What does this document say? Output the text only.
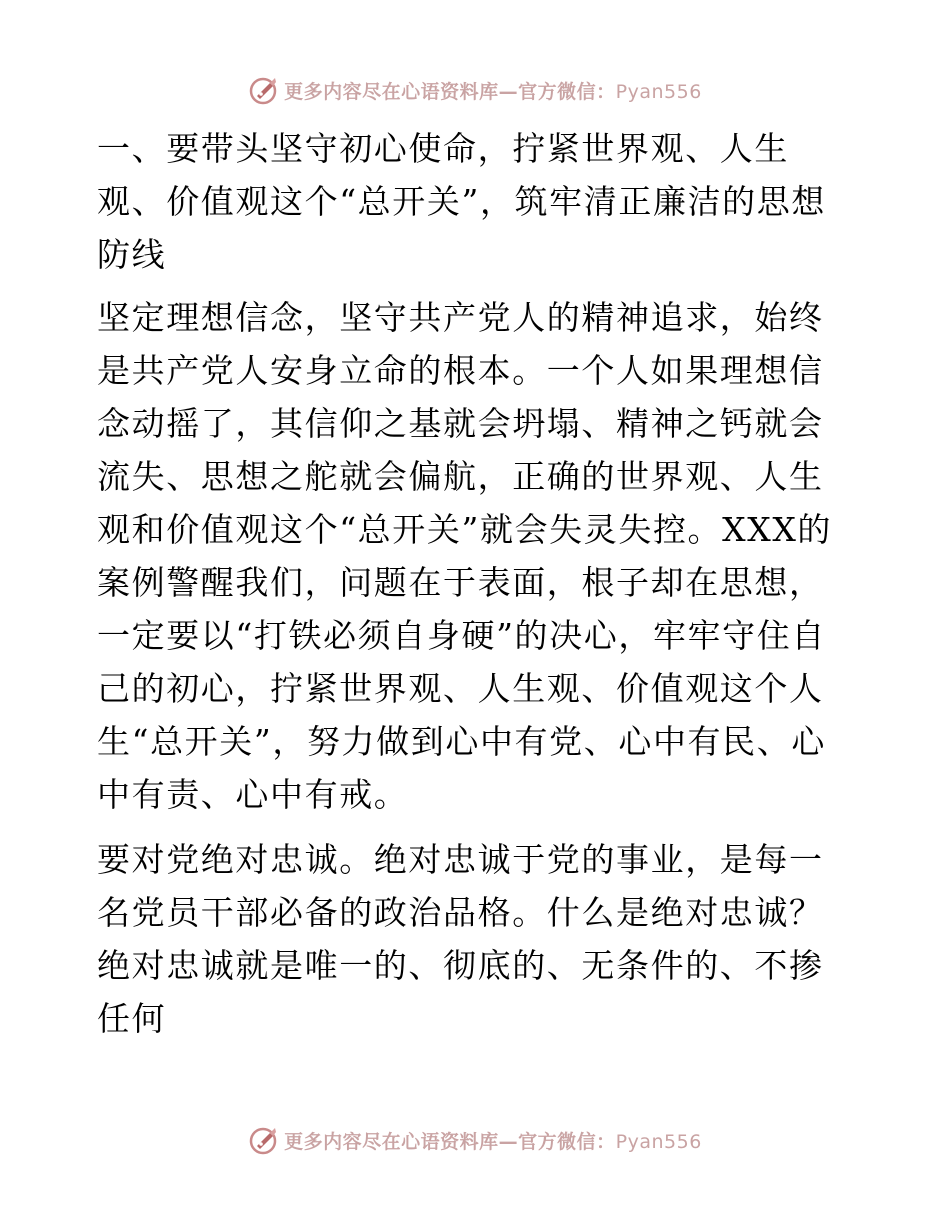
更多内容尽在心语资料库—官方微信：Pyan556

一、要带头坚守初心使命，拧紧世界观、人生观、价值观这个“总开关”，筑牢清正廉洁的思想防线

坚定理想信念，坚守共产党人的精神追求，始终是共产党人安身立命的根本。一个人如果理想信念动摇了，其信仰之基就会坍塌、精神之钙就会流失、思想之舵就会偏航，正确的世界观、人生观和价值观这个“总开关”就会失灵失控。XXX的案例警醒我们，问题在于表面，根子却在思想，一定要以“打铁必须自身硬”的决心，牢牢守住自己的初心，拧紧世界观、人生观、价值观这个人生“总开关”，努力做到心中有党、心中有民、心中有责、心中有戒。

要对党绝对忠诚。绝对忠诚于党的事业，是每一名党员干部必备的政治品格。什么是绝对忠诚？绝对忠诚就是唯一的、彻底的、无条件的、不掺任何

更多内容尽在心语资料库—官方微信：Pyan556
